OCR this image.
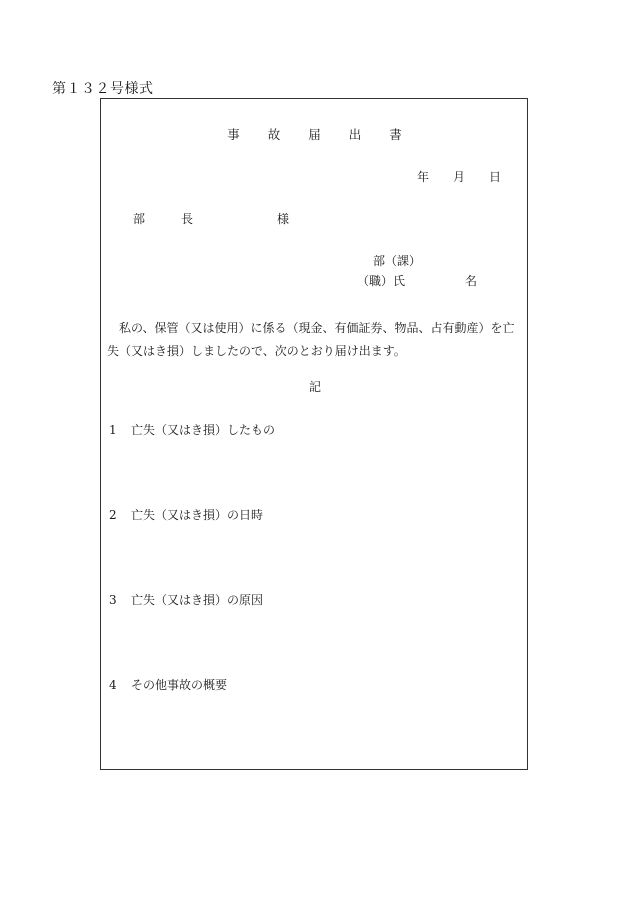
第１３２号様式
事　　故　　届　　出　　書
年　　月　　日
部　　　長　　　　　　　様
部（課）
（職）氏　　　　　名
私の、保管（又は使用）に係る（現金、有価証券、物品、占有動産）を亡
失（又はき損）しましたので、次のとおり届け出ます。
記
1 亡失（又はき損）したもの
2 亡失（又はき損）の日時
3 亡失（又はき損）の原因
4 その他事故の概要
